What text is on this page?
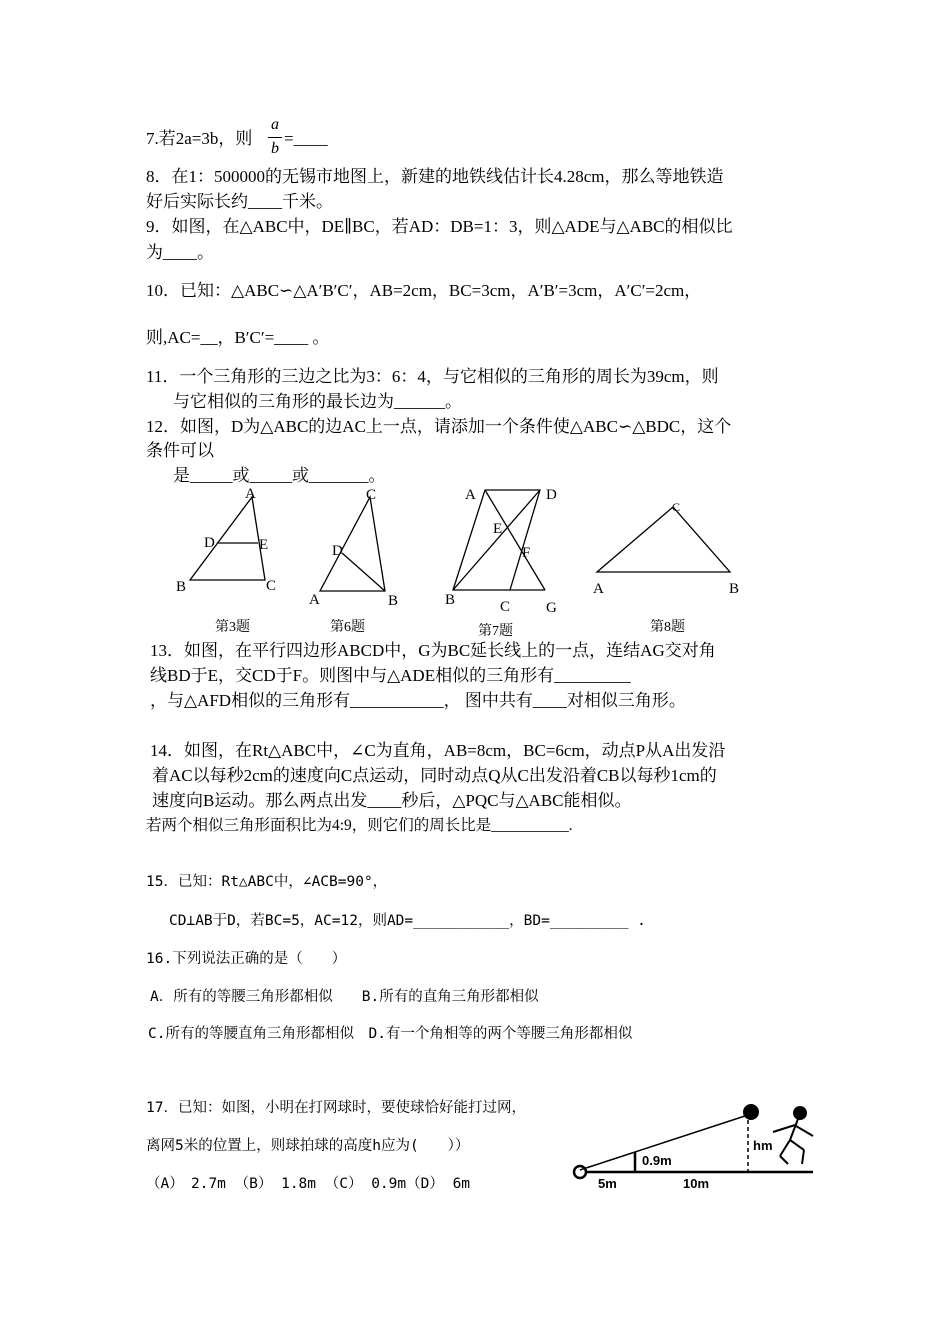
7.若2a=3b，则
a
b
=____
8．在1：500000的无锡市地图上，新建的地铁线估计长4.28cm，那么等地铁造
好后实际长约____千米。
9．如图，在△ABC中，DE∥BC，若AD：DB=1：3，则△ADE与△ABC的相似比
为____。
10．已知：△ABC∽△A′B′C′，AB=2cm，BC=3cm，A′B′=3cm，A′C′=2cm，
则,AC=__，B′C′=____ 。
11．一个三角形的三边之比为3：6：4，与它相似的三角形的周长为39cm，则
与它相似的三角形的最长边为______。
12．如图，D为△ABC的边AC上一点，请添加一个条件使△ABC∽△BDC，这个
条件可以
是_____或_____或_______。
A
D	E
B	C
第3题
C
D
A	B
第6题
A	D
E
F
B	C G
第7题
C
A	B
第8题
13．如图，在平行四边形ABCD中，G为BC延长线上的一点，连结AG交对角
线BD于E，交CD于F。则图中与△ADE相似的三角形有_________
，与△AFD相似的三角形有___________， 图中共有____对相似三角形。
14．如图，在Rt△ABC中，∠C为直角，AB=8cm，BC=6cm，动点P从A出发沿
着AC以每秒2cm的速度向C点运动，同时动点Q从C出发沿着CB以每秒1cm的
速度向B运动。那么两点出发____秒后，△PQC与△ABC能相似。
若两个相似三角形面积比为4:9，则它们的周长比是__________.
15．已知：Rt△ABC中，∠ACB=90°，
CD⊥AB于D，若BC=5，AC=12，则AD=___________，BD=_________ .
16.下列说法正确的是（　　）
A．所有的等腰三角形都相似　　B.所有的直角三角形都相似
C.所有的等腰直角三角形都相似　D.有一个角相等的两个等腰三角形都相似
17．已知：如图，小明在打网球时，要使球恰好能打过网，
离网5米的位置上，则球拍球的高度h应为(　　））
（A）　2.7m （B） 1.8m （C） 0.9m（D） 6m
0.9m
hm
5m	10m
